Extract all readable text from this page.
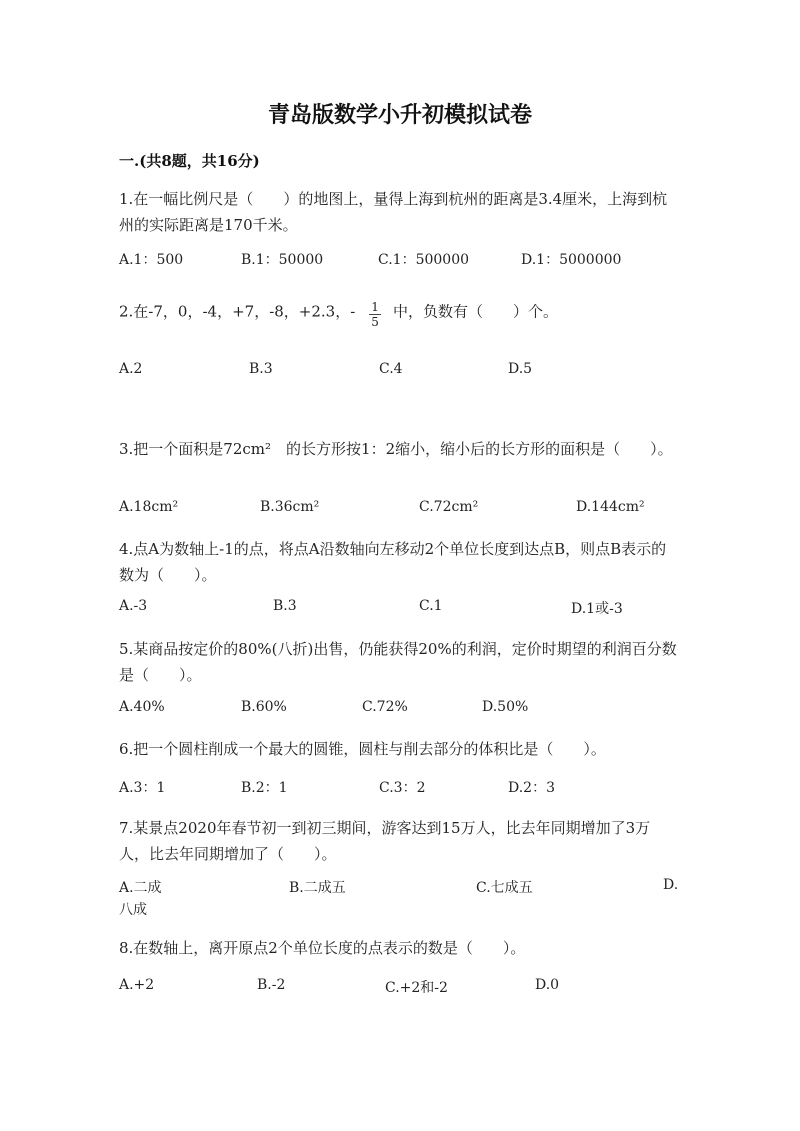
青岛版数学小升初模拟试卷
一.(共8题，共16分)
1.在一幅比例尺是（　　）的地图上，量得上海到杭州的距离是3.4厘米，上海到杭州的实际距离是170千米。
A.1：500	B.1：50000	C.1：500000	D.1：5000000
2.在-7，0，-4，+7，-8，+2.3，- $\frac{1}{5}$ 中，负数有（　　）个。
A.2	B.3	C.4	D.5
3.把一个面积是72cm²　的长方形按1：2缩小，缩小后的长方形的面积是（　　）。
A.18cm²	B.36cm²	C.72cm²	D.144cm²
4.点A为数轴上-1的点，将点A沿数轴向左移动2个单位长度到达点B，则点B表示的数为（　　）。
A.-3	B.3	C.1	D.1或-3
5.某商品按定价的80%(八折)出售，仍能获得20%的利润，定价时期望的利润百分数是（　　）。
A.40%	B.60%	C.72%	D.50%
6.把一个圆柱削成一个最大的圆锥，圆柱与削去部分的体积比是（　　）。
A.3：1	B.2：1	C.3：2	D.2：3
7.某景点2020年春节初一到初三期间，游客达到15万人，比去年同期增加了3万人，比去年同期增加了（　　）。
A.二成	B.二成五	C.七成五	D.
八成
8.在数轴上，离开原点2个单位长度的点表示的数是（　　）。
A.+2	B.-2	C.+2和-2	D.0
